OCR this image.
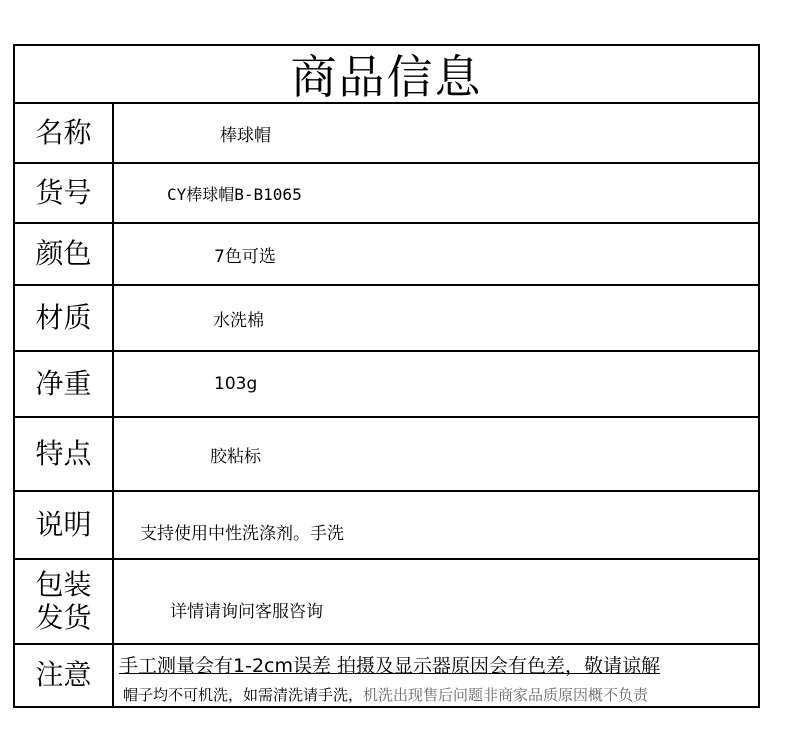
商品信息
名称	棒球帽
货号	CY棒球帽B-B1065
颜色	7色可选
材质	水洗棉
净重	103g
特点	胶粘标
说明	支持使用中性洗涤剂。手洗
包装
发货	详情请询问客服咨询
注意	手工测量会有1-2cm误差 拍摄及显示器原因会有色差，敬请谅解
帽子均不可机洗，如需清洗请手洗，机洗出现售后问题非商家品质原因概不负责
